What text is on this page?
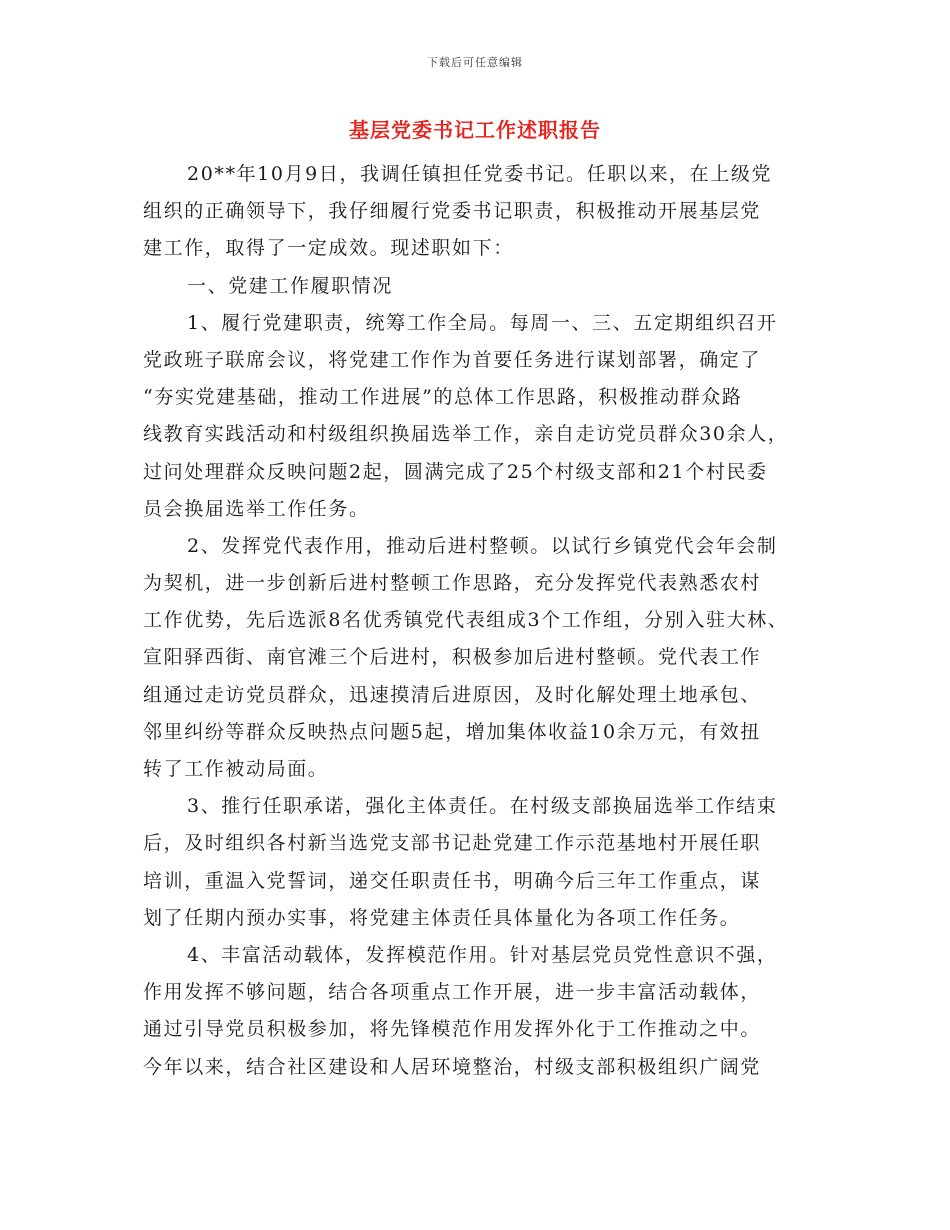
下载后可任意编辑
基层党委书记工作述职报告
20**年10月9日，我调任镇担任党委书记。任职以来，在上级党
组织的正确领导下，我仔细履行党委书记职责，积极推动开展基层党
建工作，取得了一定成效。现述职如下：
一、党建工作履职情况
1、履行党建职责，统筹工作全局。每周一、三、五定期组织召开
党政班子联席会议，将党建工作作为首要任务进行谋划部署，确定了
“夯实党建基础，推动工作进展”的总体工作思路，积极推动群众路
线教育实践活动和村级组织换届选举工作，亲自走访党员群众30余人，
过问处理群众反映问题2起，圆满完成了25个村级支部和21个村民委
员会换届选举工作任务。
2、发挥党代表作用，推动后进村整顿。以试行乡镇党代会年会制
为契机，进一步创新后进村整顿工作思路，充分发挥党代表熟悉农村
工作优势，先后选派8名优秀镇党代表组成3个工作组，分别入驻大林、
宣阳驿西街、南官滩三个后进村，积极参加后进村整顿。党代表工作
组通过走访党员群众，迅速摸清后进原因，及时化解处理土地承包、
邻里纠纷等群众反映热点问题5起，增加集体收益10余万元，有效扭
转了工作被动局面。
3、推行任职承诺，强化主体责任。在村级支部换届选举工作结束
后，及时组织各村新当选党支部书记赴党建工作示范基地村开展任职
培训，重温入党誓词，递交任职责任书，明确今后三年工作重点，谋
划了任期内预办实事，将党建主体责任具体量化为各项工作任务。
4、丰富活动载体，发挥模范作用。针对基层党员党性意识不强，
作用发挥不够问题，结合各项重点工作开展，进一步丰富活动载体，
通过引导党员积极参加，将先锋模范作用发挥外化于工作推动之中。
今年以来，结合社区建设和人居环境整治，村级支部积极组织广阔党
